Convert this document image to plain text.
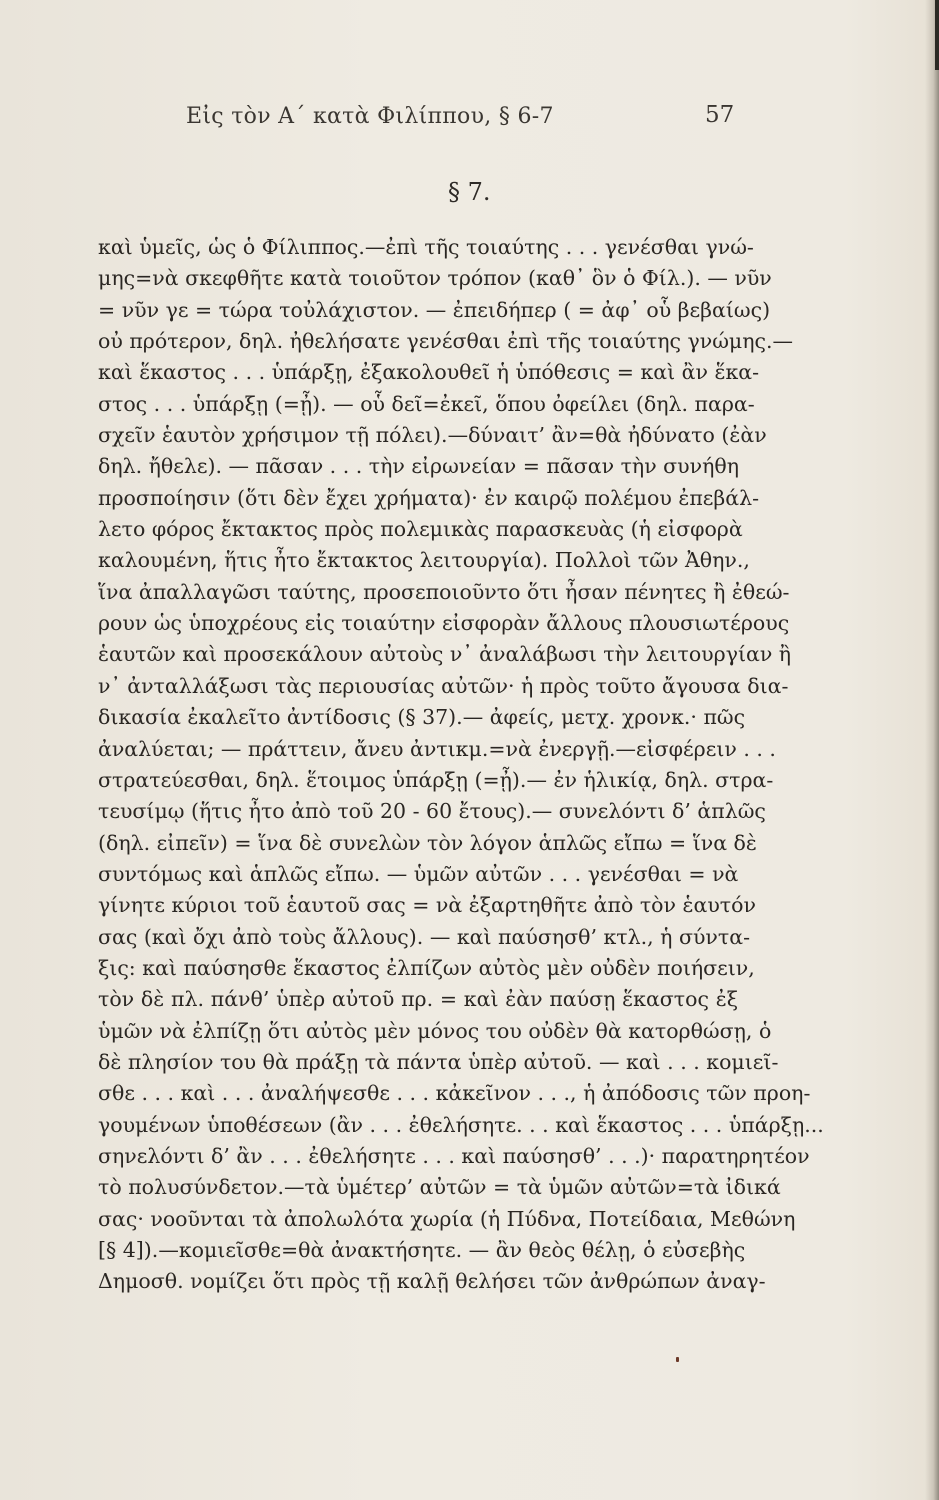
Εἰς τὸν Α΄ κατὰ Φιλίππου, § 6-7	57
§ 7.
καὶ ὑμεῖς, ὡς ὁ Φίλιππος.—ἐπὶ τῆς τοιαύτης . . . γενέσθαι γνώ-
μης=νὰ σκεφθῆτε κατὰ τοιοῦτον τρόπον (καθ᾽ ὃν ὁ Φίλ.). — νῦν
= νῦν γε = τώρα τοὐλάχιστον. — ἐπειδήπερ ( = ἀφ᾽ οὗ βεβαίως)
οὐ πρότερον, δηλ. ἠθελήσατε γενέσθαι ἐπὶ τῆς τοιαύτης γνώμης.—
καὶ ἕκαστος . . . ὑπάρξῃ, ἐξακολουθεῖ ἡ ὑπόθεσις = καὶ ἂν ἕκα-
στος . . . ὑπάρξῃ (=ᾖ). — οὗ δεῖ=ἐκεῖ, ὅπου ὀφείλει (δηλ. παρα-
σχεῖν ἑαυτὸν χρήσιμον τῇ πόλει).—δύναιτ’ ἂν=θὰ ἠδύνατο (ἐὰν
δηλ. ἤθελε). — πᾶσαν . . . τὴν εἰρωνείαν = πᾶσαν τὴν συνήθη
προσποίησιν (ὅτι δὲν ἔχει χρήματα)· ἐν καιρῷ πολέμου ἐπεβάλ-
λετο φόρος ἔκτακτος πρὸς πολεμικὰς παρασκευὰς (ἡ εἰσφορὰ
καλουμένη, ἥτις ἦτο ἔκτακτος λειτουργία). Πολλοὶ τῶν Ἀθην.,
ἵνα ἀπαλλαγῶσι ταύτης, προσεποιοῦντο ὅτι ἦσαν πένητες ἢ ἐθεώ-
ρουν ὡς ὑποχρέους εἰς τοιαύτην εἰσφορὰν ἄλλους πλουσιωτέρους
ἑαυτῶν καὶ προσεκάλουν αὐτοὺς ν᾽ ἀναλάβωσι τὴν λειτουργίαν ἢ
ν᾽ ἀνταλλάξωσι τὰς περιουσίας αὐτῶν· ἡ πρὸς τοῦτο ἄγουσα δια-
δικασία ἐκαλεῖτο ἀντίδοσις (§ 37).— ἀφείς, μετχ. χρονκ.· πῶς
ἀναλύεται; — πράττειν, ἄνευ ἀντικμ.=νὰ ἐνεργῇ.—εἰσφέρειν . . .
στρατεύεσθαι, δηλ. ἕτοιμος ὑπάρξῃ (=ᾖ).— ἐν ἡλικίᾳ, δηλ. στρα-
τευσίμῳ (ἥτις ἦτο ἀπὸ τοῦ 20 - 60 ἔτους).— συνελόντι δ’ ἁπλῶς
(δηλ. εἰπεῖν) = ἵνα δὲ συνελὼν τὸν λόγον ἁπλῶς εἴπω = ἵνα δὲ
συντόμως καὶ ἁπλῶς εἴπω. — ὑμῶν αὐτῶν . . . γενέσθαι = νὰ
γίνητε κύριοι τοῦ ἑαυτοῦ σας = νὰ ἐξαρτηθῆτε ἀπὸ τὸν ἑαυτόν
σας (καὶ ὄχι ἀπὸ τοὺς ἄλλους). — καὶ παύσησθ’ κτλ., ἡ σύντα-
ξις: καὶ παύσησθε ἕκαστος ἐλπίζων αὐτὸς μὲν οὐδὲν ποιήσειν,
τὸν δὲ πλ. πάνθ’ ὑπὲρ αὐτοῦ πρ. = καὶ ἐὰν παύσῃ ἕκαστος ἐξ
ὑμῶν νὰ ἐλπίζῃ ὅτι αὐτὸς μὲν μόνος του οὐδὲν θὰ κατορθώσῃ, ὁ
δὲ πλησίον του θὰ πράξῃ τὰ πάντα ὑπὲρ αὐτοῦ. — καὶ . . . κομιεῖ-
σθε . . . καὶ . . . ἀναλήψεσθε . . . κἀκεῖνον . . ., ἡ ἀπόδοσις τῶν προη-
γουμένων ὑποθέσεων (ἂν . . . ἐθελήσητε. . . καὶ ἕκαστος . . . ὑπάρξῃ...
σηνελόντι δ’ ἂν . . . ἐθελήσητε . . . καὶ παύσησθ’ . . .)· παρατηρητέον
τὸ πολυσύνδετον.—τὰ ὑμέτερ’ αὐτῶν = τὰ ὑμῶν αὐτῶν=τὰ ἰδικά
σας· νοοῦνται τὰ ἀπολωλότα χωρία (ἡ Πύδνα, Ποτείδαια, Μεθώνη
[§ 4]).—κομιεῖσθε=θὰ ἀνακτήσητε. — ἂν θεὸς θέλῃ, ὁ εὐσεβὴς
Δημοσθ. νομίζει ὅτι πρὸς τῇ καλῇ θελήσει τῶν ἀνθρώπων ἀναγ-
